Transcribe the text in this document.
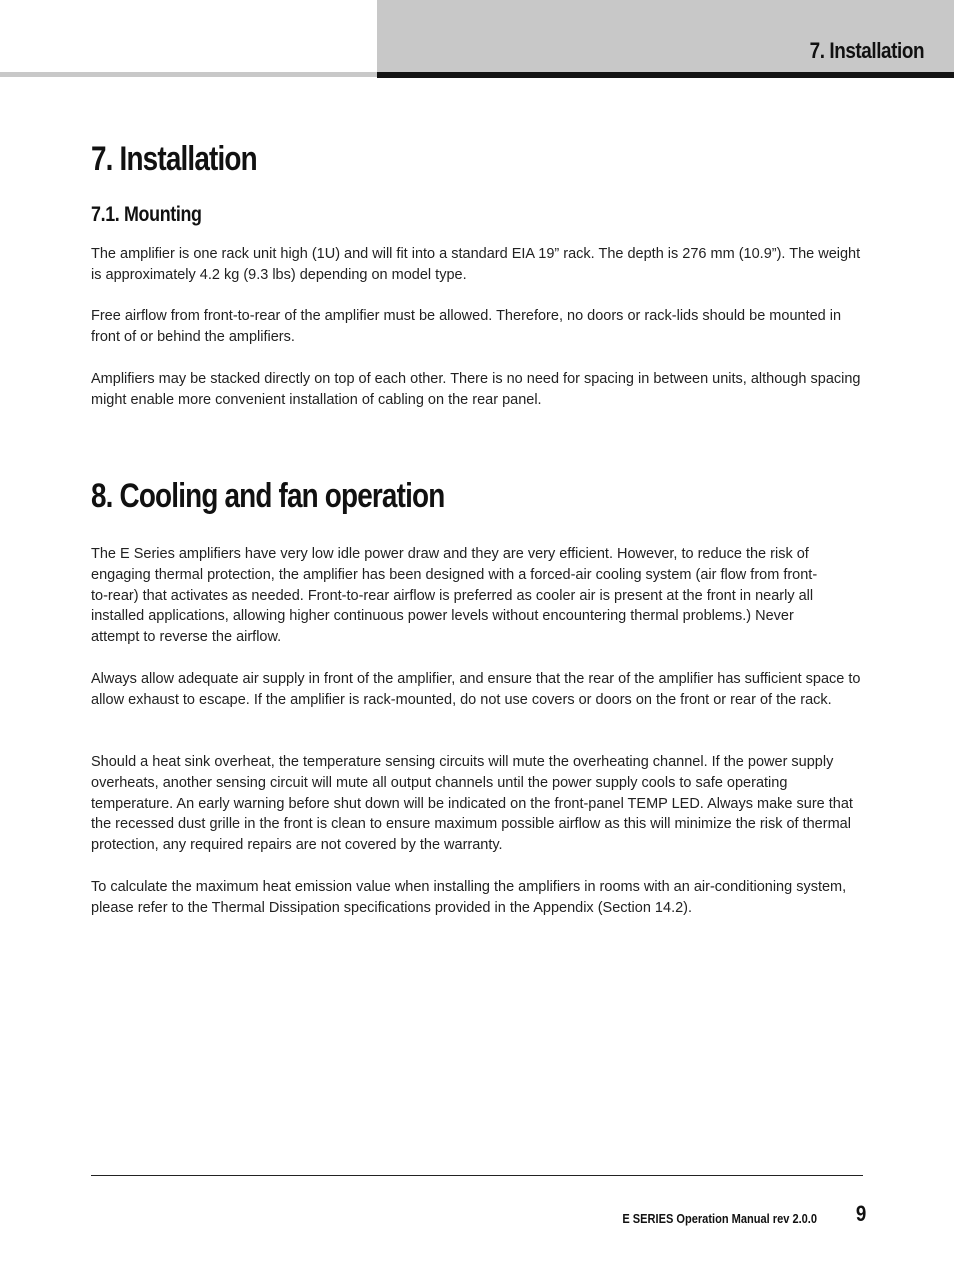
7. Installation
7. Installation
7.1. Mounting

The amplifier is one rack unit high (1U) and will fit into a standard EIA 19” rack. The depth is 276 mm (10.9”). The weight is approximately 4.2 kg (9.3 lbs) depending on model type.

Free airflow from front-to-rear of the amplifier must be allowed. Therefore, no doors or rack-lids should be mounted in front of or behind the amplifiers.

Amplifiers may be stacked directly on top of each other. There is no need for spacing in between units, although spacing might enable more convenient installation of cabling on the rear panel.

8. Cooling and fan operation

The E Series amplifiers have very low idle power draw and they are very efficient. However, to reduce the risk of engaging thermal protection, the amplifier has been designed with a forced-air cooling system (air flow from front-to-rear) that activates as needed. Front-to-rear airflow is preferred as cooler air is present at the front in nearly all installed applications, allowing higher continuous power levels without encountering thermal problems.) Never attempt to reverse the airflow.

Always allow adequate air supply in front of the amplifier, and ensure that the rear of the amplifier has sufficient space to allow exhaust to escape. If the amplifier is rack-mounted, do not use covers or doors on the front or rear of the rack.

Should a heat sink overheat, the temperature sensing circuits will mute the overheating channel. If the power supply overheats, another sensing circuit will mute all output channels until the power supply cools to safe operating temperature. An early warning before shut down will be indicated on the front-panel TEMP LED. Always make sure that the recessed dust grille in the front is clean to ensure maximum possible airflow as this will minimize the risk of thermal protection, any required repairs are not covered by the warranty.

To calculate the maximum heat emission value when installing the amplifiers in rooms with an air-conditioning system, please refer to the Thermal Dissipation specifications provided in the Appendix (Section 14.2).

E SERIES Operation Manual rev 2.0.0 9
